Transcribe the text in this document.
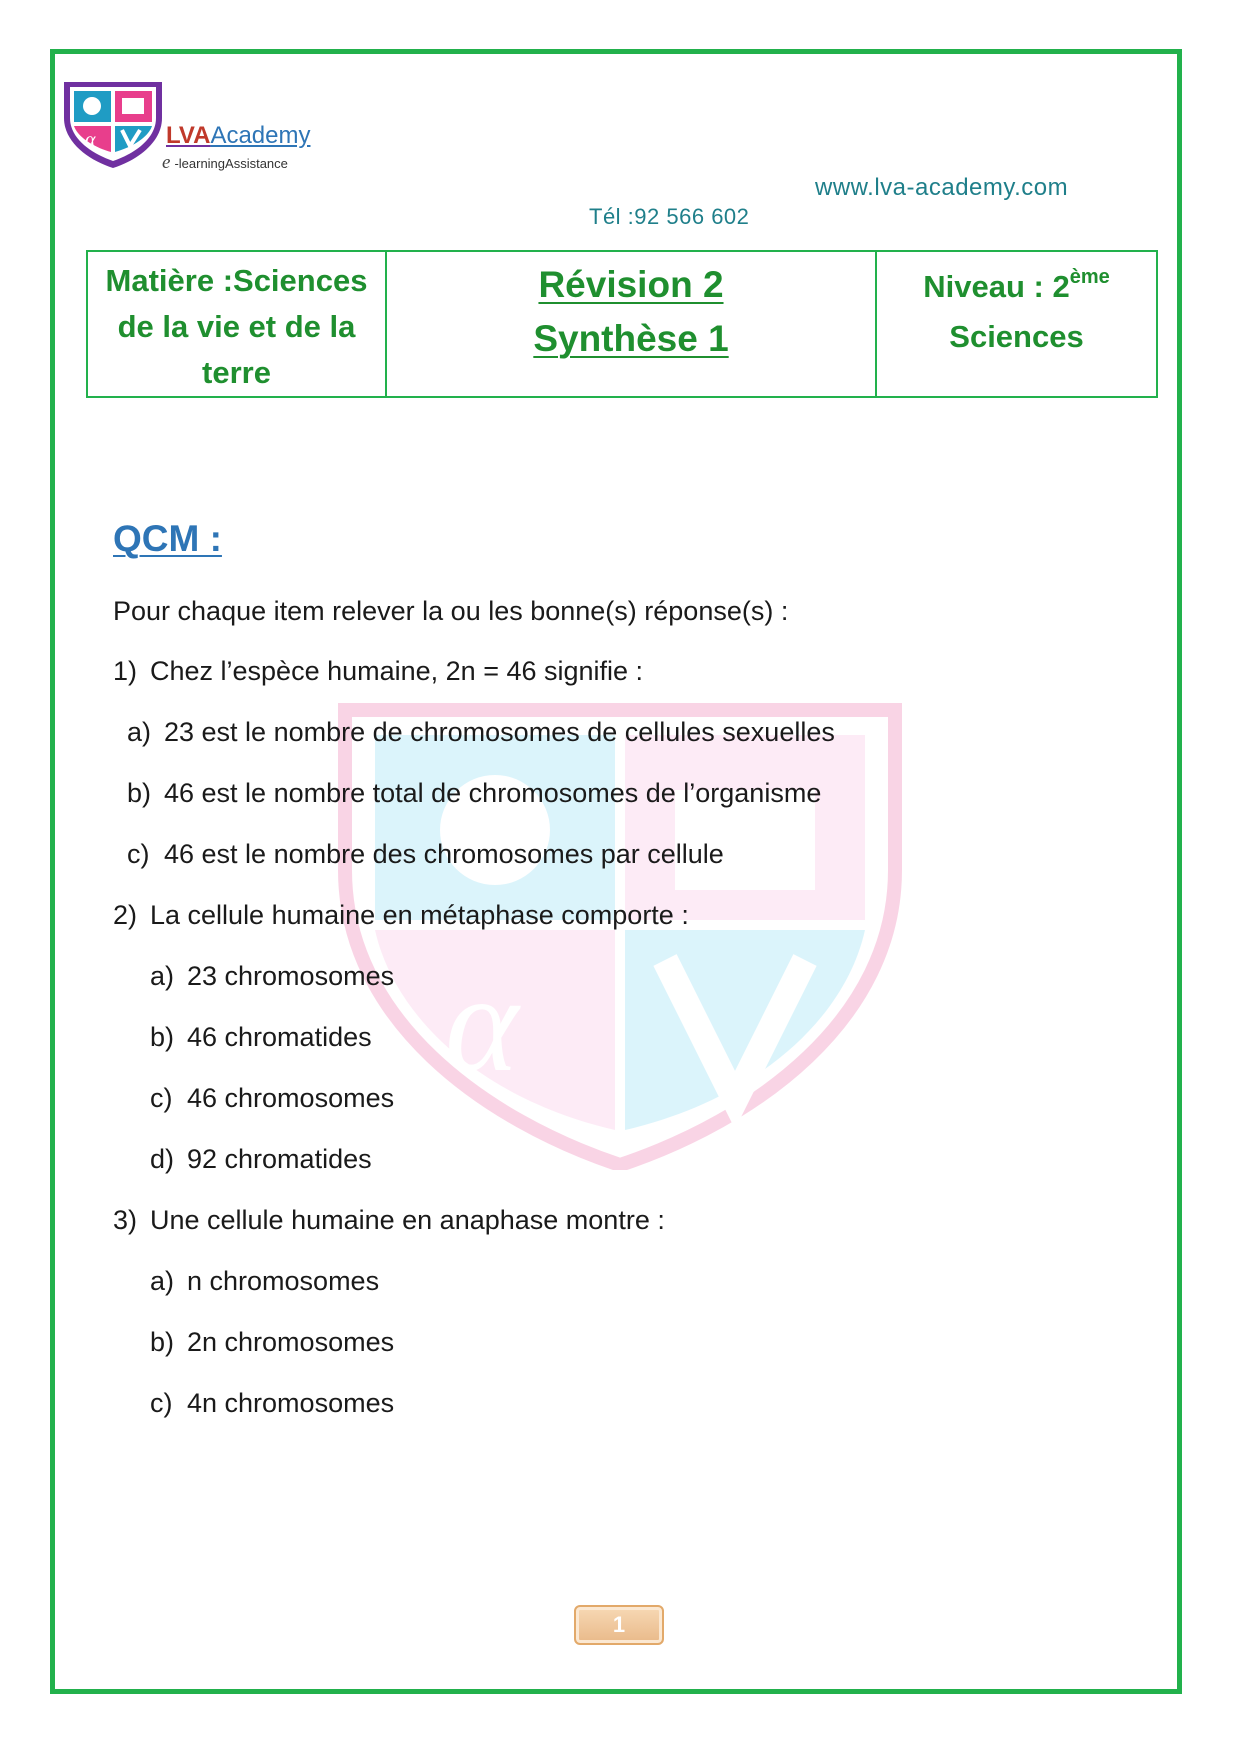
α	LVAAcademy
e -learningAssistance
www.lva-academy.com
Tél :92 566 602
Matière :Sciences
de la vie et de la
terre

Révision 2
Synthèse 1

Niveau : 2ème
Sciences
α
QCM :
Pour chaque item relever la ou les bonne(s) réponse(s) :
1) Chez l’espèce humaine, 2n = 46 signifie :
a) 23 est le nombre de chromosomes de cellules sexuelles
b) 46 est le nombre total de chromosomes de l’organisme
c) 46 est le nombre des chromosomes par cellule
2) La cellule humaine en métaphase comporte :
a) 23 chromosomes
b) 46 chromatides
c) 46 chromosomes
d) 92 chromatides
3) Une cellule humaine en anaphase montre :
a) n chromosomes
b) 2n chromosomes
c) 4n chromosomes
1
